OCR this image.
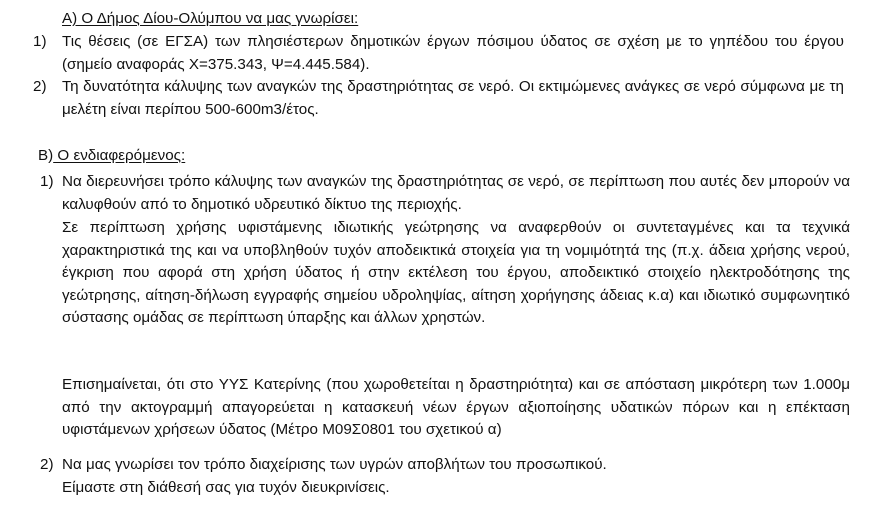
A) Ο Δήμος Δίου-Ολύμπου να μας γνωρίσει:
1) Τις θέσεις (σε ΕΓΣΑ) των πλησιέστερων δημοτικών έργων πόσιμου ύδατος σε σχέση με το γηπέδου του έργου (σημείο αναφοράς Χ=375.343, Ψ=4.445.584).

2) Τη δυνατότητα κάλυψης των αναγκών της δραστηριότητας σε νερό. Οι εκτιμώμενες ανάγκες σε νερό σύμφωνα με τη μελέτη είναι περίπου 500-600m3/έτος.

Β) Ο ενδιαφερόμενος:
1) Να διερευνήσει τρόπο κάλυψης των αναγκών της δραστηριότητας σε νερό, σε περίπτωση που αυτές δεν μπορούν να καλυφθούν από το δημοτικό υδρευτικό δίκτυο της περιοχής.

Σε περίπτωση χρήσης υφιστάμενης ιδιωτικής γεώτρησης να αναφερθούν οι συντεταγμένες και τα τεχνικά χαρακτηριστικά της και να υποβληθούν τυχόν αποδεικτικά στοιχεία για τη νομιμότητά της (π.χ. άδεια χρήσης νερού, έγκριση που αφορά στη χρήση ύδατος ή στην εκτέλεση του έργου, αποδεικτικό στοιχείο ηλεκτροδότησης της γεώτρησης, αίτηση-δήλωση εγγραφής σημείου υδροληψίας, αίτηση χορήγησης άδειας κ.α) και ιδιωτικό συμφωνητικό σύστασης ομάδας σε περίπτωση ύπαρξης και άλλων χρηστών.

Επισημαίνεται, ότι στο ΥΥΣ Κατερίνης (που χωροθετείται η δραστηριότητα) και σε απόσταση μικρότερη των 1.000μ από την ακτογραμμή απαγορεύεται η κατασκευή νέων έργων αξιοποίησης υδατικών πόρων και η επέκταση υφιστάμενων χρήσεων ύδατος (Μέτρο Μ09Σ0801 του σχετικού α)

2) Να μας γνωρίσει τον τρόπο διαχείρισης των υγρών αποβλήτων του προσωπικού.

Είμαστε στη διάθεσή σας για τυχόν διευκρινίσεις.
